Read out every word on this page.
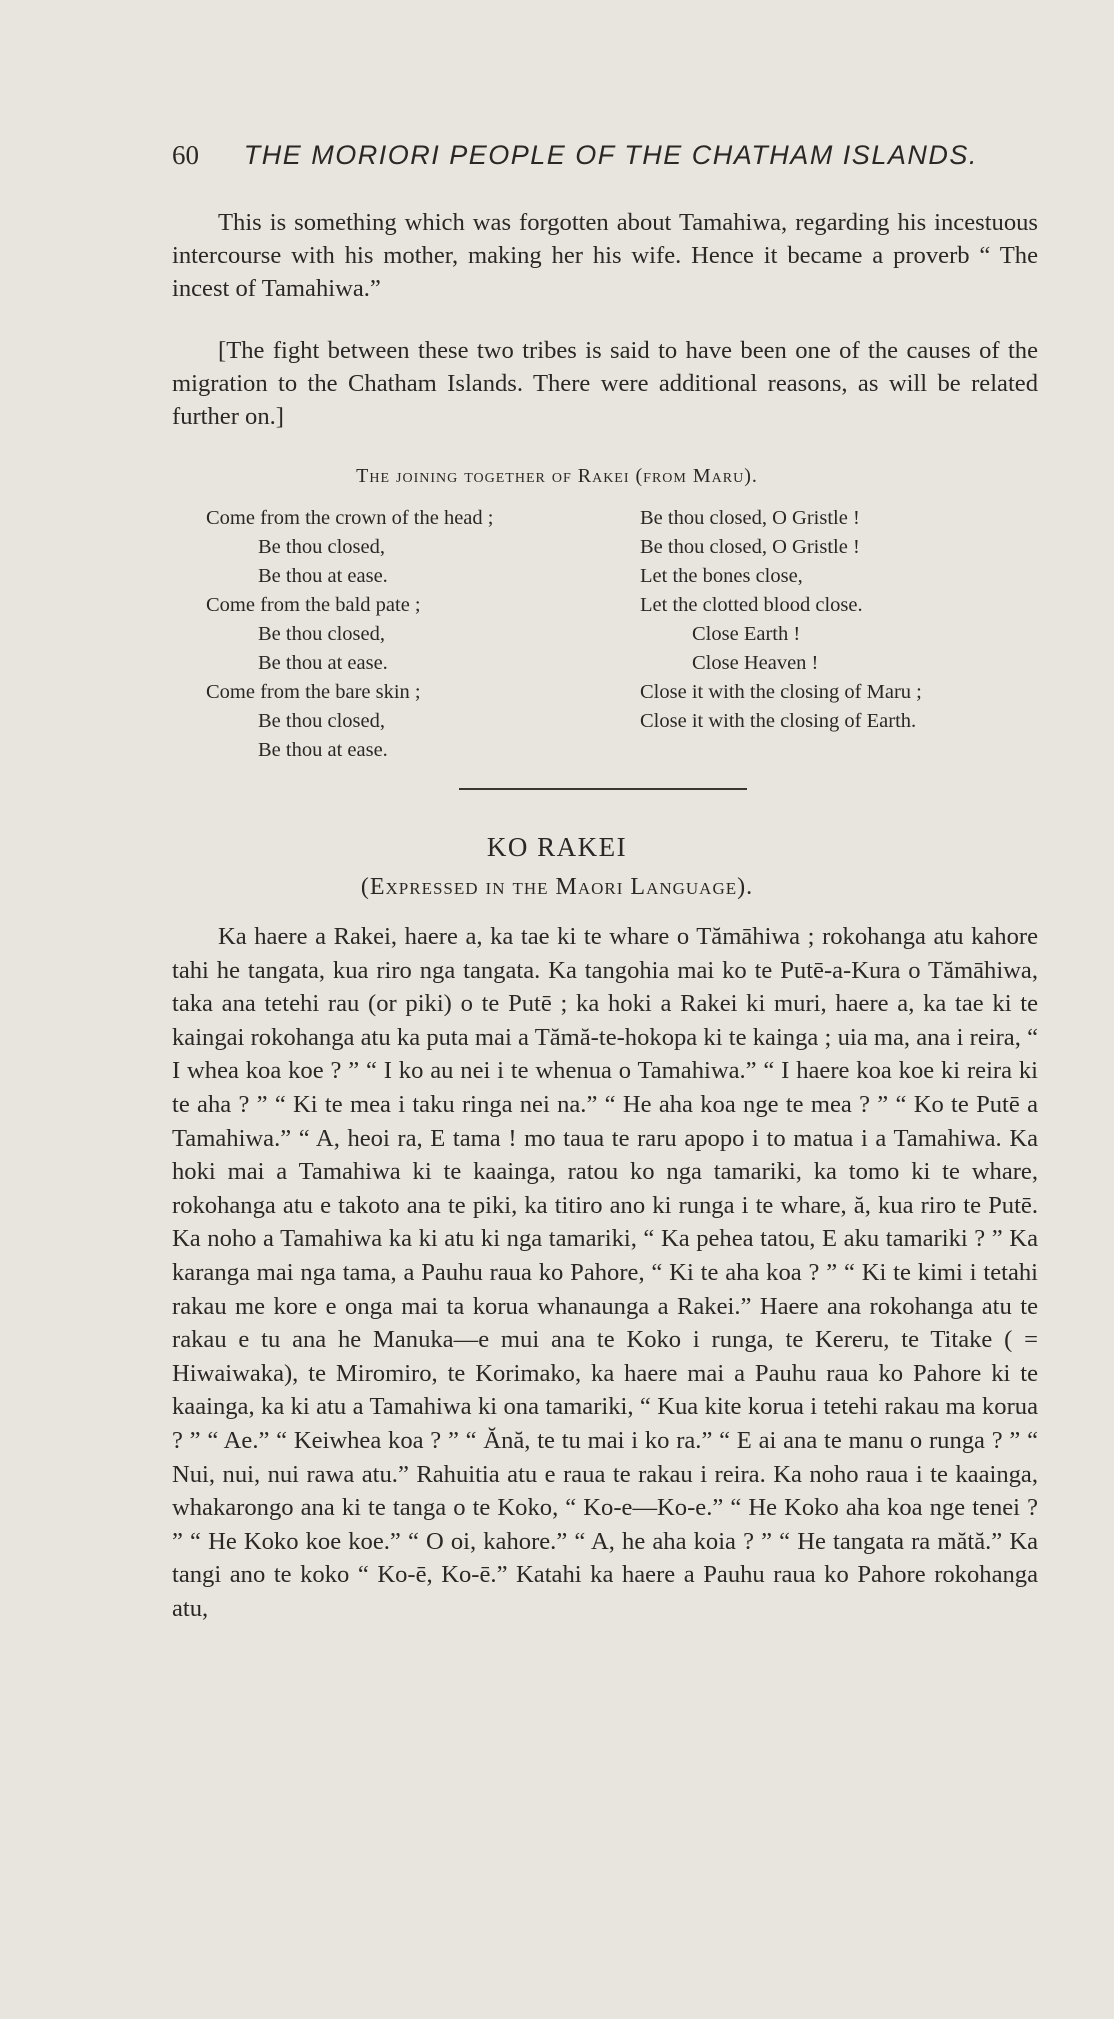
60 THE MORIORI PEOPLE OF THE CHATHAM ISLANDS.

This is something which was forgotten about Tamahiwa, regarding his incestuous intercourse with his mother, making her his wife. Hence it became a proverb “ The incest of Tamahiwa.”

[The fight between these two tribes is said to have been one of the causes of the migration to the Chatham Islands. There were additional reasons, as will be related further on.]

The joining together of Rakei (from Maru).
Come from the crown of the head ;
Be thou closed,
Be thou at ease.
Come from the bald pate ;
Be thou closed,
Be thou at ease.
Come from the bare skin ;
Be thou closed,
Be thou at ease.
Be thou closed, O Gristle !
Be thou closed, O Gristle !
Let the bones close,
Let the clotted blood close.
Close Earth !
Close Heaven !
Close it with the closing of Maru ;
Close it with the closing of Earth.
KO RAKEI
(Expressed in the Maori Language).

Ka haere a Rakei, haere a, ka tae ki te whare o Tămāhiwa ; rokohanga atu kahore tahi he tangata, kua riro nga tangata. Ka tangohia mai ko te Putē-a-Kura o Tămāhiwa, taka ana tetehi rau (or piki) o te Putē ; ka hoki a Rakei ki muri, haere a, ka tae ki te kaingai rokohanga atu ka puta mai a Tămă-te-hokopa ki te kainga ; uia ma, ana i reira, “ I whea koa koe ? ” “ I ko au nei i te whenua o Tamahiwa.” “ I haere koa koe ki reira ki te aha ? ” “ Ki te mea i taku ringa nei na.” “ He aha koa nge te mea ? ” “ Ko te Putē a Tamahiwa.” “ A, heoi ra, E tama ! mo taua te raru apopo i to matua i a Tamahiwa. Ka hoki mai a Tamahiwa ki te kaainga, ratou ko nga tamariki, ka tomo ki te whare, rokohanga atu e takoto ana te piki, ka titiro ano ki runga i te whare, ă, kua riro te Putē. Ka noho a Tamahiwa ka ki atu ki nga tamariki, “ Ka pehea tatou, E aku tamariki ? ” Ka karanga mai nga tama, a Pauhu raua ko Pahore, “ Ki te aha koa ? ” “ Ki te kimi i tetahi rakau me kore e onga mai ta korua whanaunga a Rakei.” Haere ana rokohanga atu te rakau e tu ana he Manuka—e mui ana te Koko i runga, te Kereru, te Titake ( = Hiwaiwaka), te Miromiro, te Korimako, ka haere mai a Pauhu raua ko Pahore ki te kaainga, ka ki atu a Tamahiwa ki ona tamariki, “ Kua kite korua i tetehi rakau ma korua ? ” “ Ae.” “ Keiwhea koa ? ” “ Ănă, te tu mai i ko ra.” “ E ai ana te manu o runga ? ” “ Nui, nui, nui rawa atu.” Rahuitia atu e raua te rakau i reira. Ka noho raua i te kaainga, whakarongo ana ki te tanga o te Koko, “ Ko-e—Ko-e.” “ He Koko aha koa nge tenei ? ” “ He Koko koe koe.” “ O oi, kahore.” “ A, he aha koia ? ” “ He tangata ra mătă.” Ka tangi ano te koko “ Ko-ē, Ko-ē.” Katahi ka haere a Pauhu raua ko Pahore rokohanga atu,
